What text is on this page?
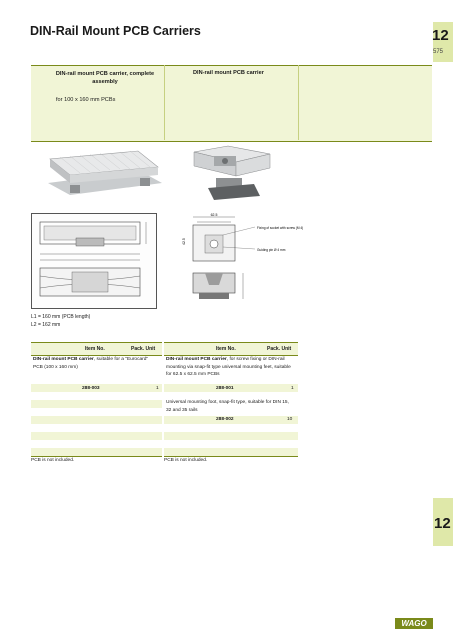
DIN-Rail Mount PCB Carriers	12
575
DIN-rail mount PCB carrier, complete assembly
for 100 x 160 mm PCBs
DIN-rail mount PCB carrier
62.5
42.5
Fixing of socket with screw (M 4)
Guiding pin Ø 4 mm
L1 = 160 mm (PCB length)
L2 = 162 mm
Item No.	Pack. Unit
DIN-rail mount PCB carrier, suitable for a "Eurocard" PCB (100 x 160 mm)
288-003	1
PCB is not included.
Item No.	Pack. Unit
DIN-rail mount PCB carrier, for screw fixing or DIN-rail mounting via snap-fit type universal mounting feet, suitable for 62.5 x 62.5 mm PCBs
288-001	1
Universal mounting foot, snap-fit type, suitable for DIN 15, 32 and 35 rails
288-002	10
PCB is not included.
12
WAGO
